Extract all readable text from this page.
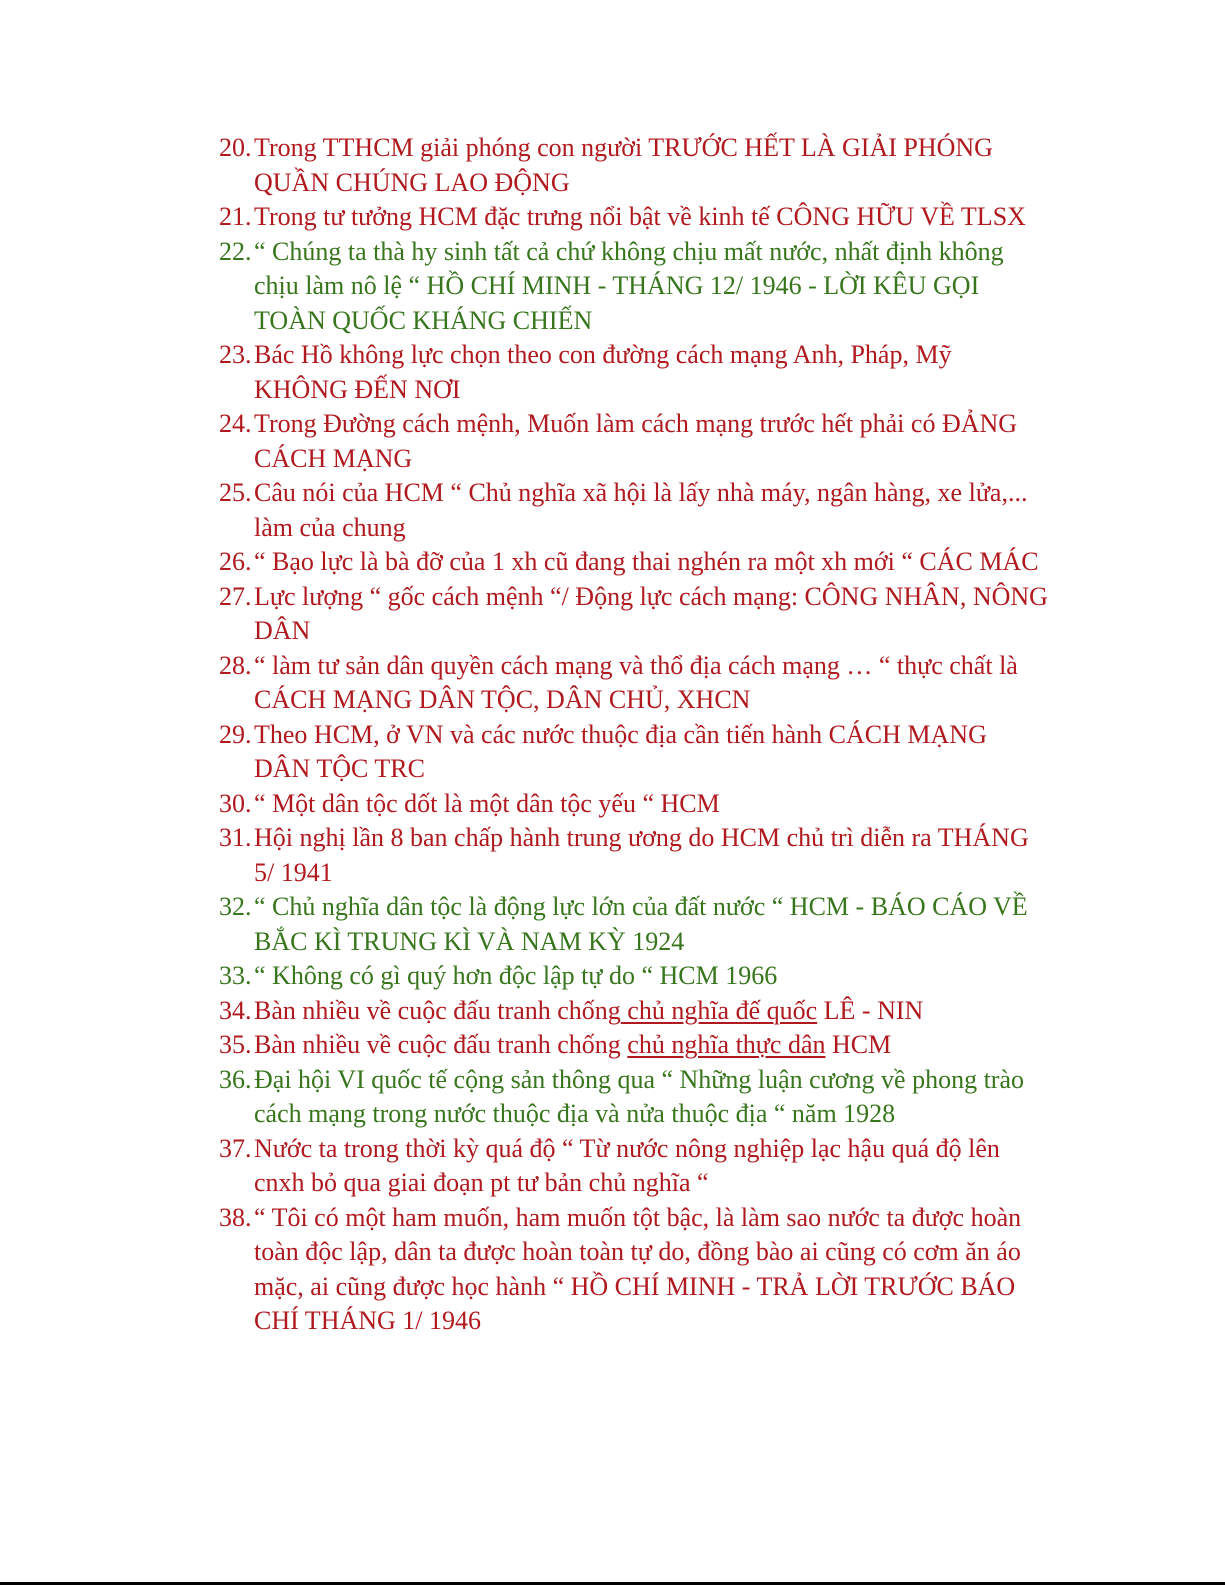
20. Trong TTHCM giải phóng con người TRƯỚC HẾT LÀ GIẢI PHÓNG QUẦN CHÚNG LAO ĐỘNG
21. Trong tư tưởng HCM đặc trưng nổi bật về kinh tế CÔNG HỮU VỀ TLSX
22. “ Chúng ta thà hy sinh tất cả chứ không chịu mất nước, nhất định không chịu làm nô lệ “ HỒ CHÍ MINH - THÁNG 12/ 1946 - LỜI KÊU GỌI TOÀN QUỐC KHÁNG CHIẾN
23. Bác Hồ không lực chọn theo con đường cách mạng Anh, Pháp, Mỹ KHÔNG ĐẾN NƠI
24. Trong Đường cách mệnh, Muốn làm cách mạng trước hết phải có ĐẢNG CÁCH MẠNG
25. Câu nói của HCM “ Chủ nghĩa xã hội là lấy nhà máy, ngân hàng, xe lửa,... làm của chung
26. “ Bạo lực là bà đỡ của 1 xh cũ đang thai nghén ra một xh mới “ CÁC MÁC
27. Lực lượng “ gốc cách mệnh “/ Động lực cách mạng: CÔNG NHÂN, NÔNG DÂN
28. “ làm tư sản dân quyền cách mạng và thổ địa cách mạng … “ thực chất là CÁCH MẠNG DÂN TỘC, DÂN CHỦ, XHCN
29. Theo HCM, ở VN và các nước thuộc địa cần tiến hành CÁCH MẠNG DÂN TỘC TRC
30. “ Một dân tộc dốt là một dân tộc yếu “ HCM
31. Hội nghị lần 8 ban chấp hành trung ương do HCM chủ trì diễn ra THÁNG 5/ 1941
32. “ Chủ nghĩa dân tộc là động lực lớn của đất nước “ HCM - BÁO CÁO VỀ BẮC KÌ TRUNG KÌ VÀ NAM KỲ 1924
33. “ Không có gì quý hơn độc lập tự do “ HCM 1966
34. Bàn nhiều về cuộc đấu tranh chống chủ nghĩa đế quốc LÊ - NIN
35. Bàn nhiều về cuộc đấu tranh chống chủ nghĩa thực dân HCM
36. Đại hội VI quốc tế cộng sản thông qua “ Những luận cương về phong trào cách mạng trong nước thuộc địa và nửa thuộc địa “ năm 1928
37. Nước ta trong thời kỳ quá độ “ Từ nước nông nghiệp lạc hậu quá độ lên cnxh bỏ qua giai đoạn pt tư bản chủ nghĩa “
38. “ Tôi có một ham muốn, ham muốn tột bậc, là làm sao nước ta được hoàn toàn độc lập, dân ta được hoàn toàn tự do, đồng bào ai cũng có cơm ăn áo mặc, ai cũng được học hành “ HỒ CHÍ MINH - TRẢ LỜI TRƯỚC BÁO CHÍ THÁNG 1/ 1946
